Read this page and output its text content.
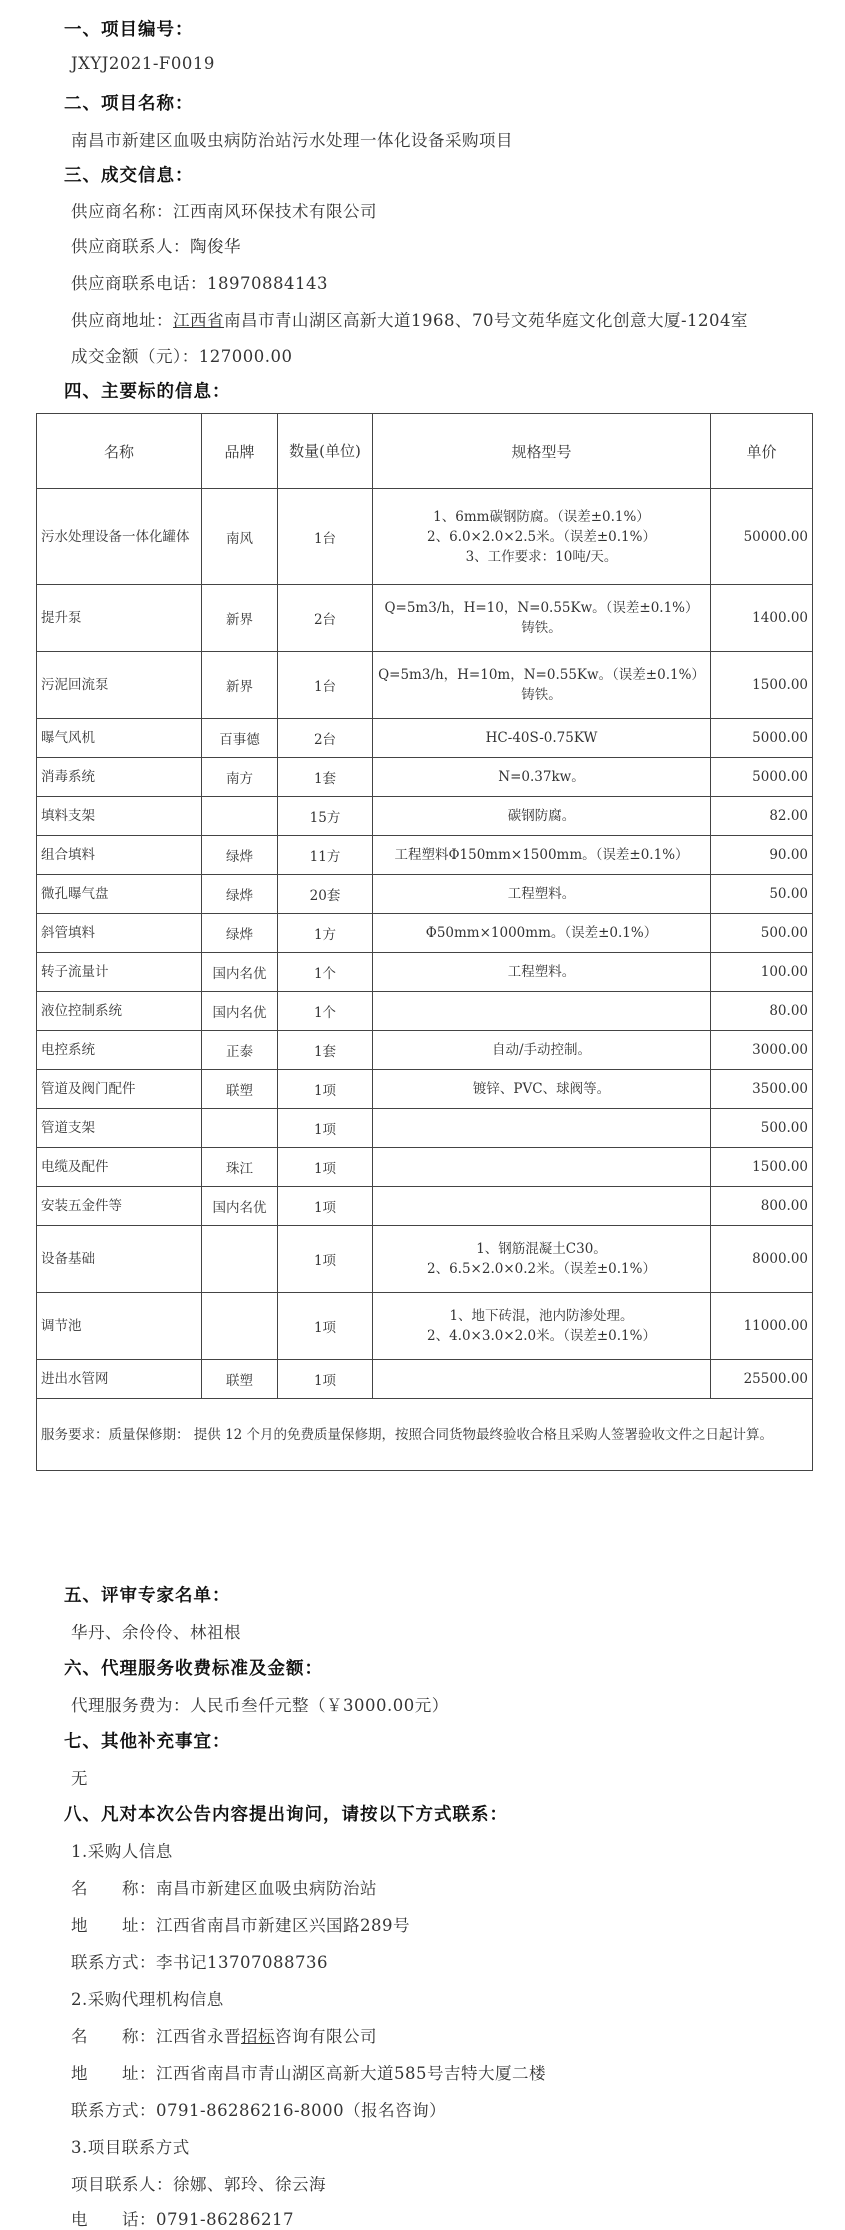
一、项目编号：
JXYJ2021-F0019
二、项目名称：
南昌市新建区血吸虫病防治站污水处理一体化设备采购项目
三、成交信息：
供应商名称：江西南风环保技术有限公司
供应商联系人：陶俊华
供应商联系电话：18970884143
供应商地址：江西省南昌市青山湖区高新大道1968、70号文苑华庭文化创意大厦-1204室
成交金额（元）：127000.00
四、主要标的信息：
名称	品牌	数量(单位)	规格型号	单价
污水处理设备一体化罐体	南风	1台	1、6mm碳钢防腐。（误差±0.1%）
2、6.0×2.0×2.5米。（误差±0.1%）
3、工作要求：10吨/天。	50000.00
提升泵	新界	2台	Q=5m3/h，H=10，N=0.55Kw。（误差±0.1%）
铸铁。	1400.00
污泥回流泵	新界	1台	Q=5m3/h，H=10m，N=0.55Kw。（误差±0.1%）
铸铁。	1500.00
曝气风机	百事德	2台	HC-40S-0.75KW	5000.00
消毒系统	南方	1套	N=0.37kw。	5000.00
填料支架		15方	碳钢防腐。	82.00
组合填料	绿烨	11方	工程塑料Φ150mm×1500mm。（误差±0.1%）	90.00
微孔曝气盘	绿烨	20套	工程塑料。	50.00
斜管填料	绿烨	1方	Φ50mm×1000mm。（误差±0.1%）	500.00
转子流量计	国内名优	1个	工程塑料。	100.00
液位控制系统	国内名优	1个		80.00
电控系统	正泰	1套	自动/手动控制。	3000.00
管道及阀门配件	联塑	1项	镀锌、PVC、球阀等。	3500.00
管道支架		1项		500.00
电缆及配件	珠江	1项		1500.00
安装五金件等	国内名优	1项		800.00
设备基础		1项	1、钢筋混凝土C30。
2、6.5×2.0×0.2米。（误差±0.1%）	8000.00
调节池		1项	1、地下砖混，池内防渗处理。
2、4.0×3.0×2.0米。（误差±0.1%）	11000.00
进出水管网	联塑	1项		25500.00
服务要求：质量保修期： 提供 12 个月的免费质量保修期，按照合同货物最终验收合格且采购人签署验收文件之日起计算。				
五、评审专家名单：
华丹、余伶伶、林祖根
六、代理服务收费标准及金额：
代理服务费为：人民币叁仟元整（￥3000.00元）
七、其他补充事宜：
无
八、凡对本次公告内容提出询问，请按以下方式联系：
1.采购人信息
名　　称：南昌市新建区血吸虫病防治站
地　　址：江西省南昌市新建区兴国路289号
联系方式：李书记13707088736
2.采购代理机构信息
名　　称：江西省永晋招标咨询有限公司
地　　址：江西省南昌市青山湖区高新大道585号吉特大厦二楼
联系方式：0791-86286216-8000（报名咨询）
3.项目联系方式
项目联系人：徐娜、郭玲、徐云海
电　　话：0791-86286217
